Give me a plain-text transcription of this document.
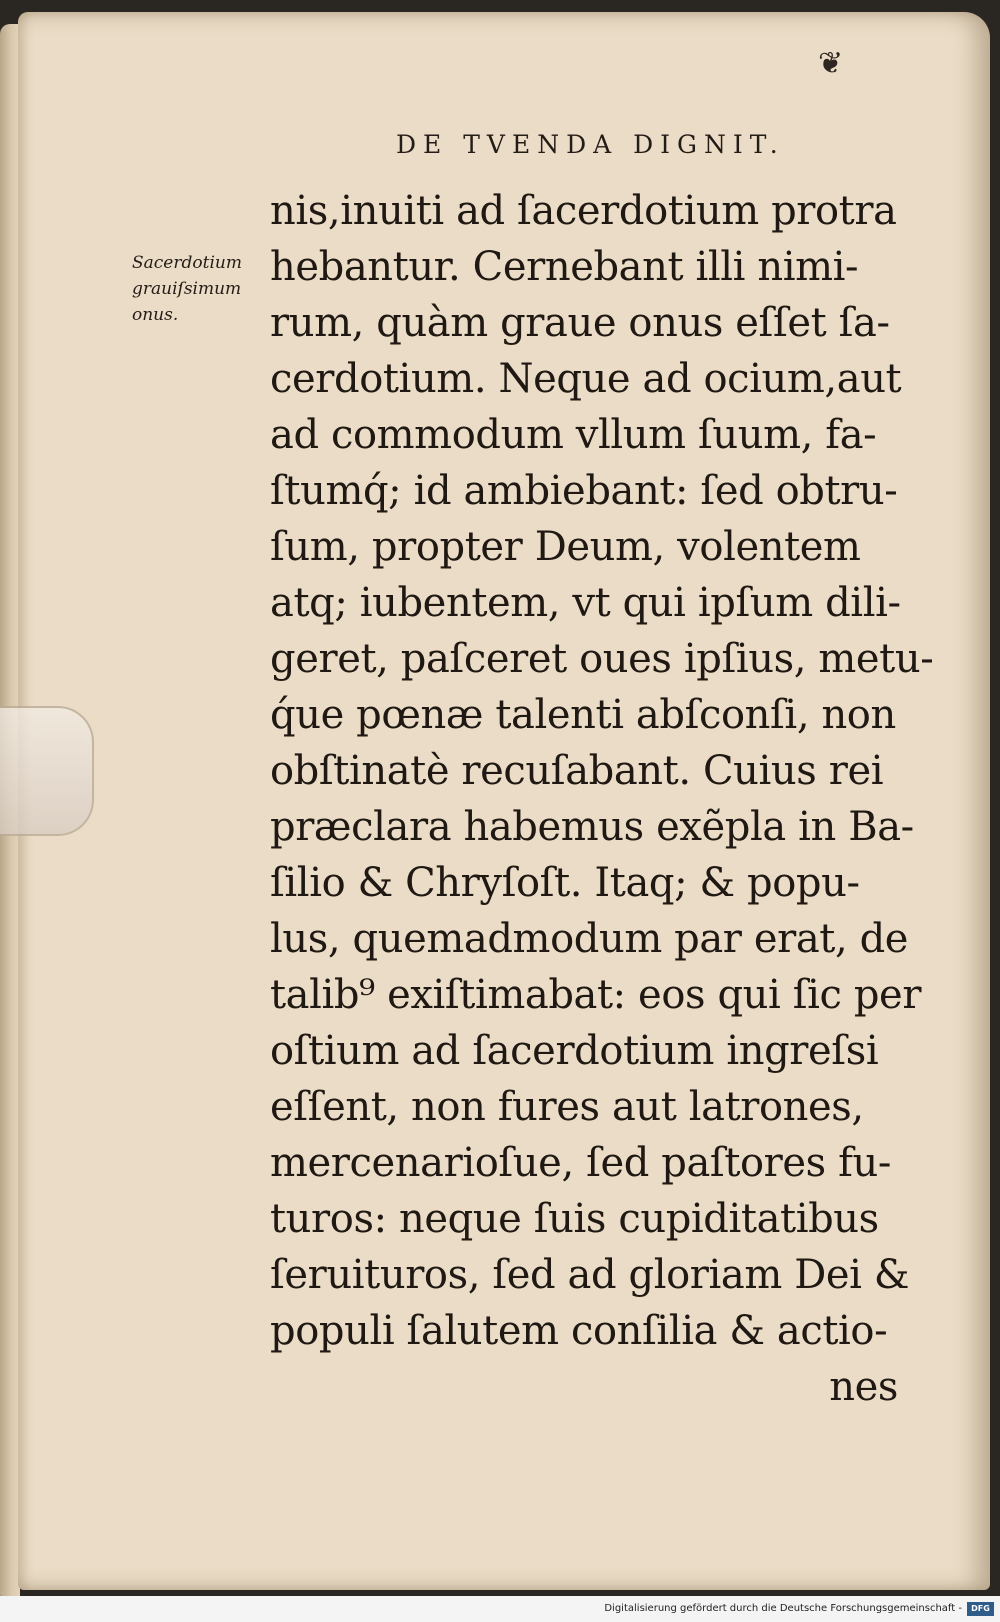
❦
DE TVENDA DIGNIT.
Sacerdotium
grauiſsimum
onus.
nis,inuiti ad ſacerdotium protra
hebantur. Cernebant illi nimi-
rum, quàm graue onus eſſet ſa-
cerdotium. Neque ad ocium,aut
ad commodum vllum ſuum, fa-
ſtumq́; id ambiebant: ſed obtru-
ſum, propter Deum, volentem
atq; iubentem, vt qui ipſum dili-
geret, paſceret oues ipſius, metu-
q́ue pœnæ talenti abſconſi, non
obſtinatè recuſabant. Cuius rei
præclara habemus exẽpla in Ba-
ſilio & Chryſoſt. Itaq; & popu-
lus, quemadmodum par erat, de
talib⁹ exiſtimabat: eos qui ſic per
oſtium ad ſacerdotium ingreſsi
eſſent, non fures aut latrones,
mercenarioſue, ſed paſtores fu-
turos: neque ſuis cupiditatibus
ſeruituros, ſed ad gloriam Dei &
populi ſalutem conſilia & actio-
nes
Digitalisierung gefördert durch die Deutsche Forschungsgemeinschaft -	DFG
